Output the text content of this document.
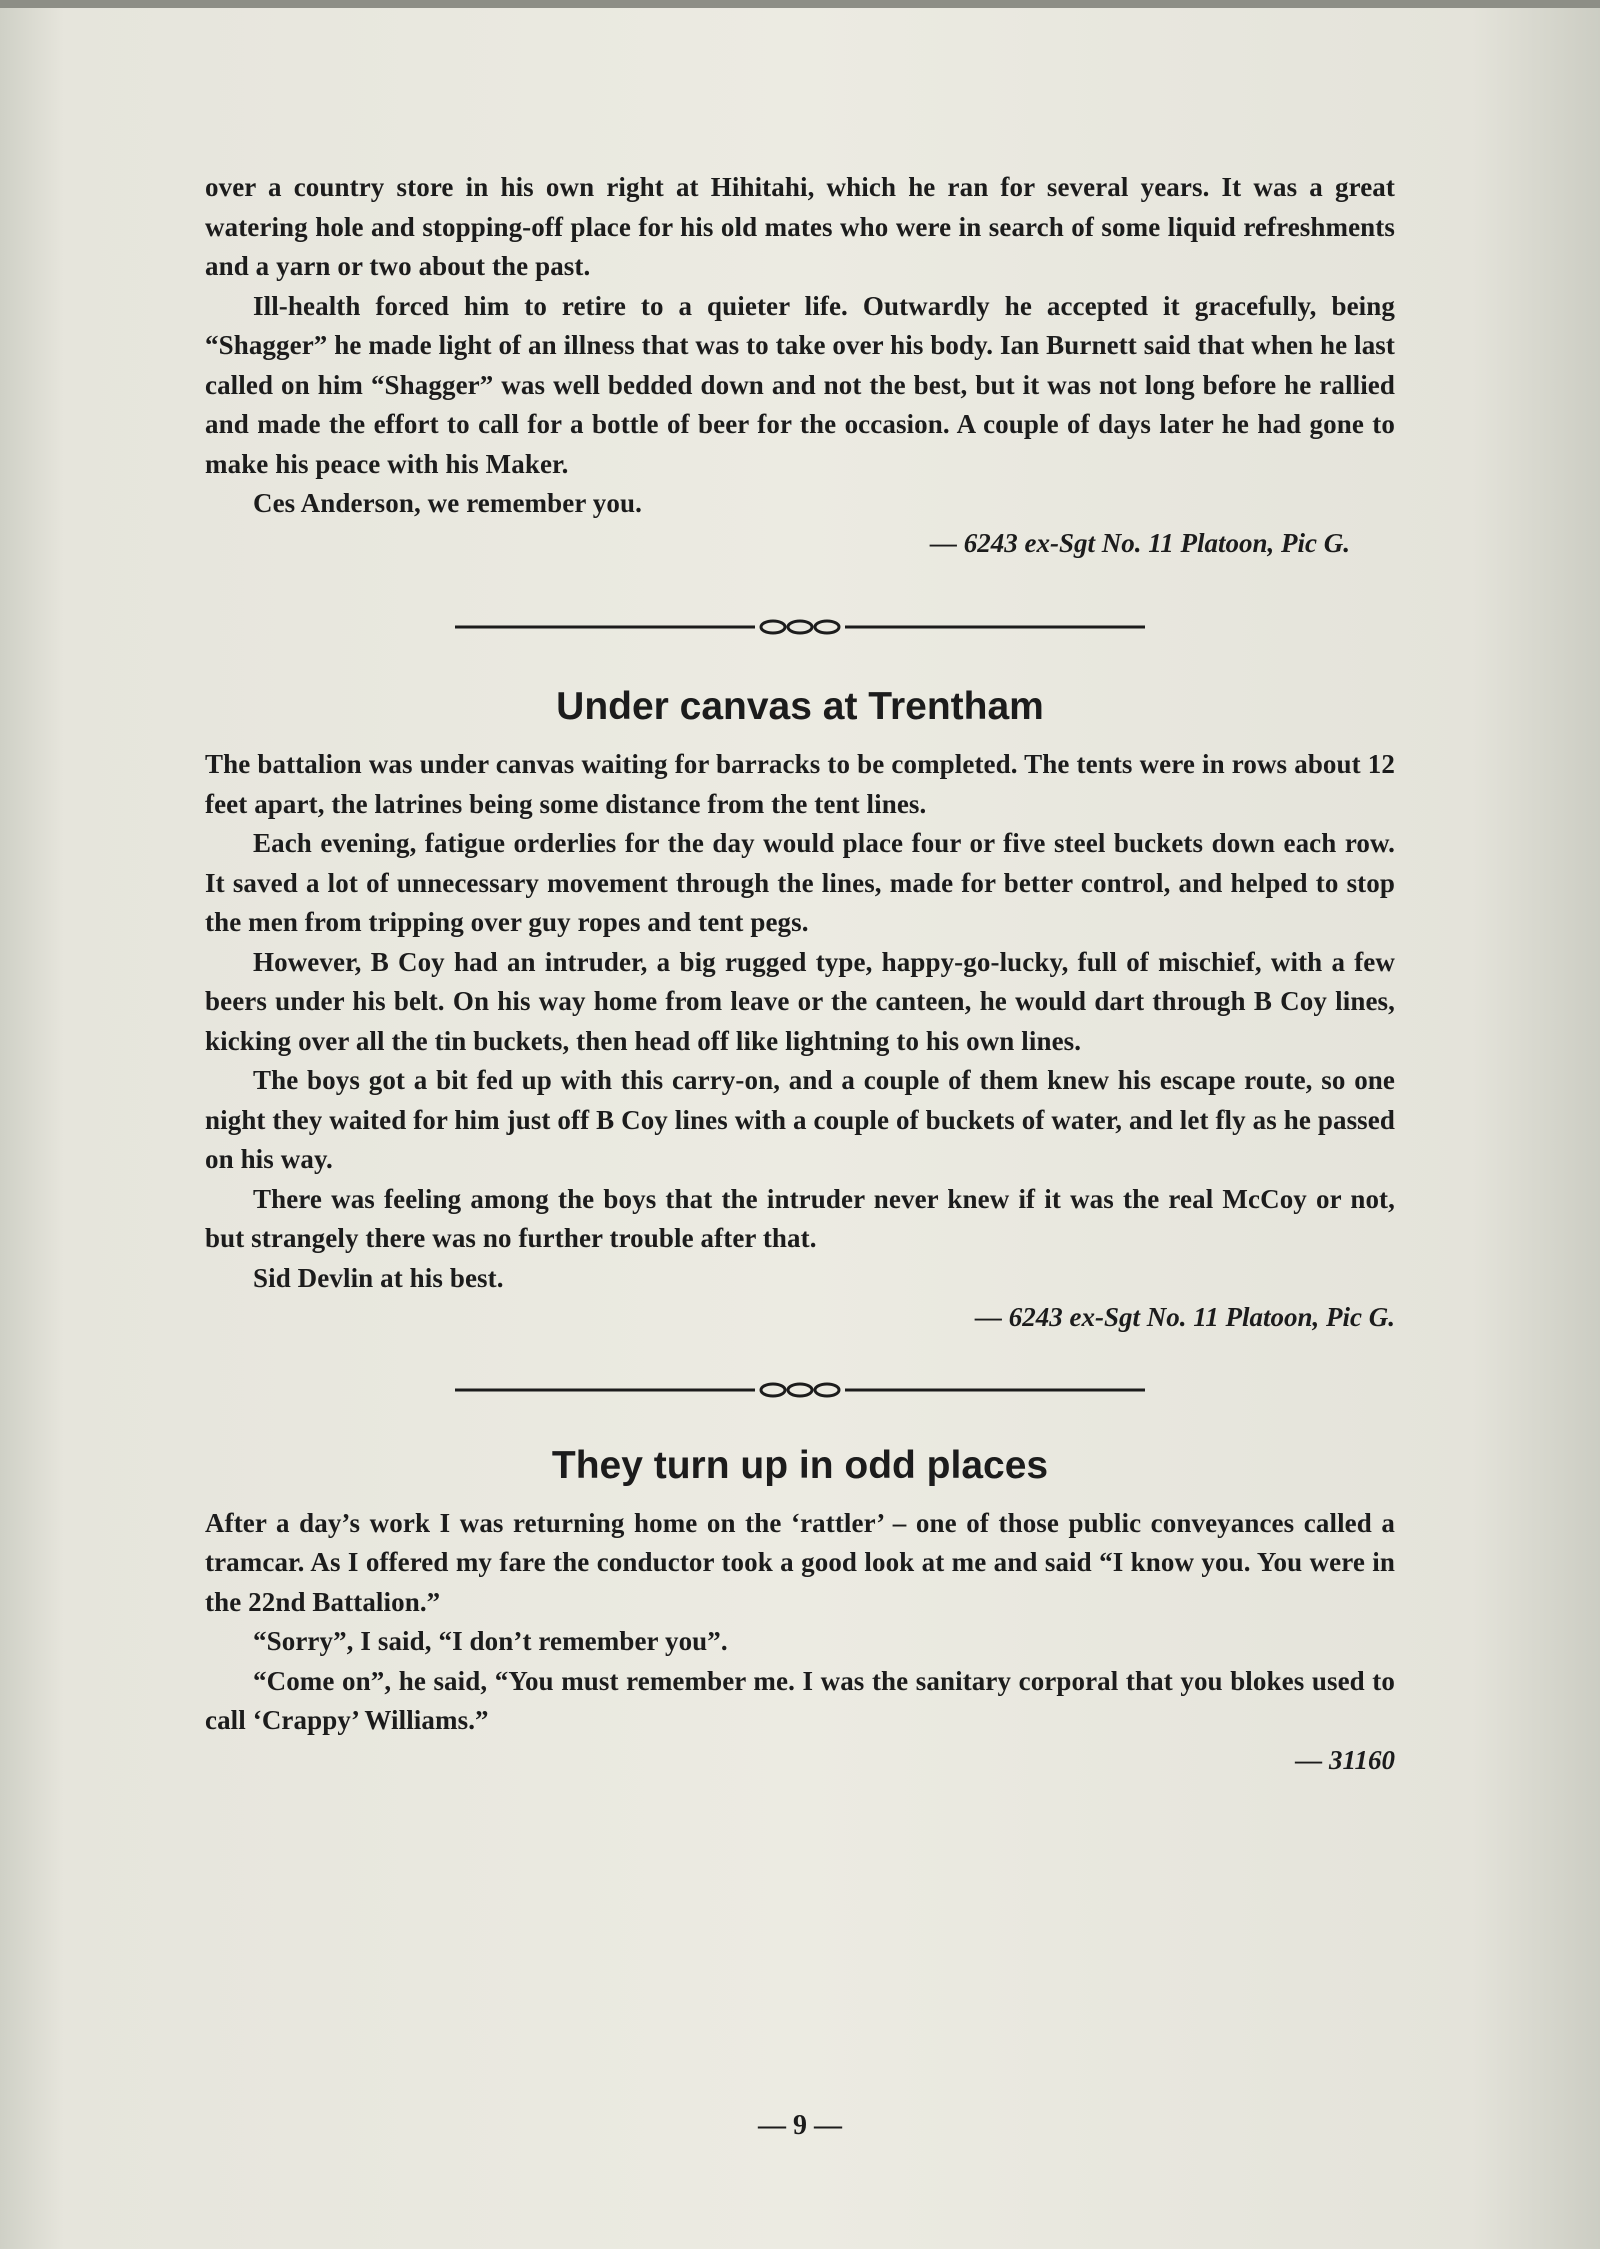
over a country store in his own right at Hihitahi, which he ran for several years. It was a great watering hole and stopping-off place for his old mates who were in search of some liquid refreshments and a yarn or two about the past.

Ill-health forced him to retire to a quieter life. Outwardly he accepted it gracefully, being “Shagger” he made light of an illness that was to take over his body. Ian Burnett said that when he last called on him “Shagger” was well bedded down and not the best, but it was not long before he rallied and made the effort to call for a bottle of beer for the occasion. A couple of days later he had gone to make his peace with his Maker.

Ces Anderson, we remember you.

— 6243 ex-Sgt No. 11 Platoon, Pic G.

Under canvas at Trentham

The battalion was under canvas waiting for barracks to be completed. The tents were in rows about 12 feet apart, the latrines being some distance from the tent lines.

Each evening, fatigue orderlies for the day would place four or five steel buckets down each row. It saved a lot of unnecessary movement through the lines, made for better control, and helped to stop the men from tripping over guy ropes and tent pegs.

However, B Coy had an intruder, a big rugged type, happy-go-lucky, full of mischief, with a few beers under his belt. On his way home from leave or the canteen, he would dart through B Coy lines, kicking over all the tin buckets, then head off like lightning to his own lines.

The boys got a bit fed up with this carry-on, and a couple of them knew his escape route, so one night they waited for him just off B Coy lines with a couple of buckets of water, and let fly as he passed on his way.

There was feeling among the boys that the intruder never knew if it was the real McCoy or not, but strangely there was no further trouble after that.

Sid Devlin at his best.

— 6243 ex-Sgt No. 11 Platoon, Pic G.

They turn up in odd places

After a day’s work I was returning home on the ‘rattler’ – one of those public conveyances called a tramcar. As I offered my fare the conductor took a good look at me and said “I know you. You were in the 22nd Battalion.”

“Sorry”, I said, “I don’t remember you”.

“Come on”, he said, “You must remember me. I was the sanitary corporal that you blokes used to call ‘Crappy’ Williams.”

— 31160

— 9 —
